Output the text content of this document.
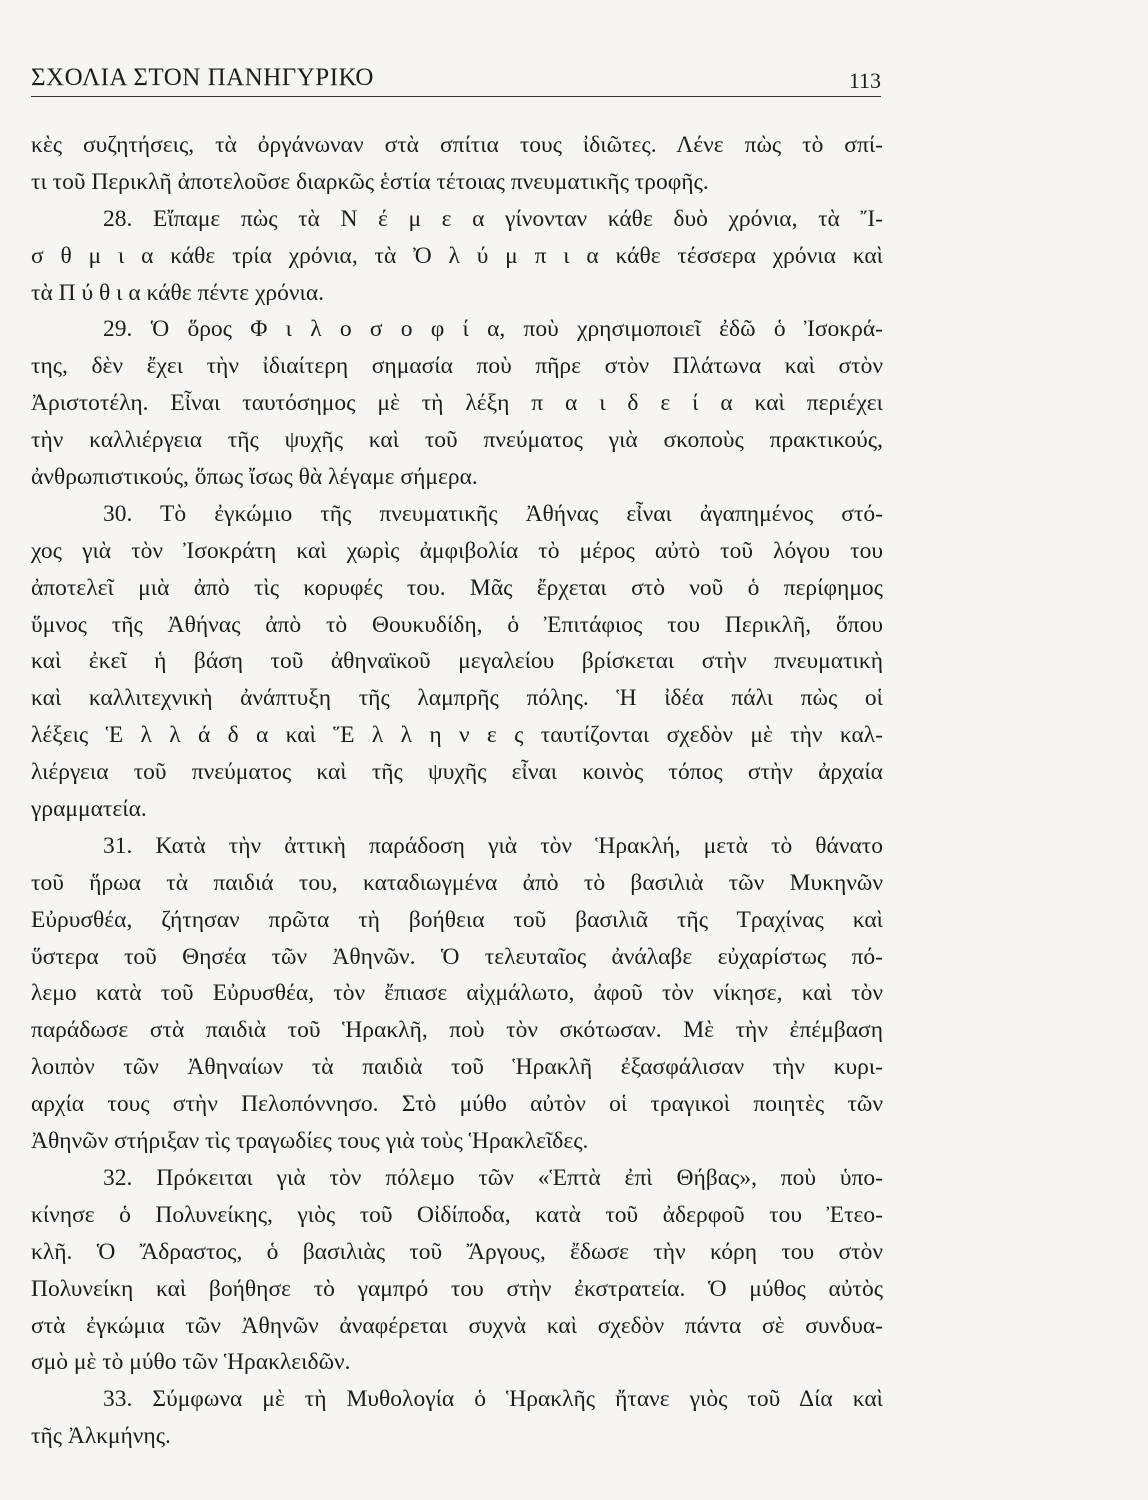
ΣΧΟΛΙΑ ΣΤΟΝ ΠΑΝΗΓΥΡΙΚΟ	113
κὲς συζητήσεις, τὰ ὀργάνωναν στὰ σπίτια τους ἰδιῶτες. Λένε πὼς τὸ σπί-
τι τοῦ Περικλῆ ἀποτελοῦσε διαρκῶς ἑστία τέτοιας πνευματικῆς τροφῆς.
28. Εἴπαμε πὼς τὰ Ν έ μ ε α γίνονταν κάθε δυὸ χρόνια, τὰ Ἴ-
σ θ μ ι α κάθε τρία χρόνια, τὰ Ὀ λ ύ μ π ι α κάθε τέσσερα χρόνια καὶ
τὰ Π ύ θ ι α κάθε πέντε χρόνια.
29. Ὁ ὅρος Φ ι λ ο σ ο φ ί α, ποὺ χρησιμοποιεῖ ἐδῶ ὁ Ἰσοκρά-
της, δὲν ἔχει τὴν ἰδιαίτερη σημασία ποὺ πῆρε στὸν Πλάτωνα καὶ στὸν
Ἀριστοτέλη. Εἶναι ταυτόσημος μὲ τὴ λέξη π α ι δ ε ί α καὶ περιέχει
τὴν καλλιέργεια τῆς ψυχῆς καὶ τοῦ πνεύματος γιὰ σκοποὺς πρακτικούς,
ἀνθρωπιστικούς, ὅπως ἴσως θὰ λέγαμε σήμερα.
30. Τὸ ἐγκώμιο τῆς πνευματικῆς Ἀθήνας εἶναι ἀγαπημένος στό-
χος γιὰ τὸν Ἰσοκράτη καὶ χωρὶς ἀμφιβολία τὸ μέρος αὐτὸ τοῦ λόγου του
ἀποτελεῖ μιὰ ἀπὸ τὶς κορυφές του. Μᾶς ἔρχεται στὸ νοῦ ὁ περίφημος
ὕμνος τῆς Ἀθήνας ἀπὸ τὸ Θουκυδίδη, ὁ Ἐπιτάφιος του Περικλῆ, ὅπου
καὶ ἐκεῖ ἡ βάση τοῦ ἀθηναϊκοῦ μεγαλείου βρίσκεται στὴν πνευματικὴ
καὶ καλλιτεχνικὴ ἀνάπτυξη τῆς λαμπρῆς πόλης. Ἡ ἰδέα πάλι πὼς οἱ
λέξεις Ἑ λ λ ά δ α καὶ Ἕ λ λ η ν ε ς ταυτίζονται σχεδὸν μὲ τὴν καλ-
λιέργεια τοῦ πνεύματος καὶ τῆς ψυχῆς εἶναι κοινὸς τόπος στὴν ἀρχαία
γραμματεία.
31. Κατὰ τὴν ἀττικὴ παράδοση γιὰ τὸν Ἡρακλή, μετὰ τὸ θάνατο
τοῦ ἥρωα τὰ παιδιά του, καταδιωγμένα ἀπὸ τὸ βασιλιὰ τῶν Μυκηνῶν
Εὐρυσθέα, ζήτησαν πρῶτα τὴ βοήθεια τοῦ βασιλιᾶ τῆς Τραχίνας καὶ
ὕστερα τοῦ Θησέα τῶν Ἀθηνῶν. Ὁ τελευταῖος ἀνάλαβε εὐχαρίστως πό-
λεμο κατὰ τοῦ Εὐρυσθέα, τὸν ἔπιασε αἰχμάλωτο, ἀφοῦ τὸν νίκησε, καὶ τὸν
παράδωσε στὰ παιδιὰ τοῦ Ἡρακλῆ, ποὺ τὸν σκότωσαν. Μὲ τὴν ἐπέμβαση
λοιπὸν τῶν Ἀθηναίων τὰ παιδιὰ τοῦ Ἡρακλῆ ἐξασφάλισαν τὴν κυρι-
αρχία τους στὴν Πελοπόννησο. Στὸ μύθο αὐτὸν οἱ τραγικοὶ ποιητὲς τῶν
Ἀθηνῶν στήριξαν τὶς τραγωδίες τους γιὰ τοὺς Ἡρακλεῖδες.
32. Πρόκειται γιὰ τὸν πόλεμο τῶν «Ἑπτὰ ἐπὶ Θήβας», ποὺ ὑπο-
κίνησε ὁ Πολυνείκης, γιὸς τοῦ Οἰδίποδα, κατὰ τοῦ ἀδερφοῦ του Ἐτεο-
κλῆ. Ὁ Ἄδραστος, ὁ βασιλιὰς τοῦ Ἄργους, ἔδωσε τὴν κόρη του στὸν
Πολυνείκη καὶ βοήθησε τὸ γαμπρό του στὴν ἐκστρατεία. Ὁ μύθος αὐτὸς
στὰ ἐγκώμια τῶν Ἀθηνῶν ἀναφέρεται συχνὰ καὶ σχεδὸν πάντα σὲ συνδυα-
σμὸ μὲ τὸ μύθο τῶν Ἡρακλειδῶν.
33. Σύμφωνα μὲ τὴ Μυθολογία ὁ Ἡρακλῆς ἤτανε γιὸς τοῦ Δία καὶ
τῆς Ἀλκμήνης.
